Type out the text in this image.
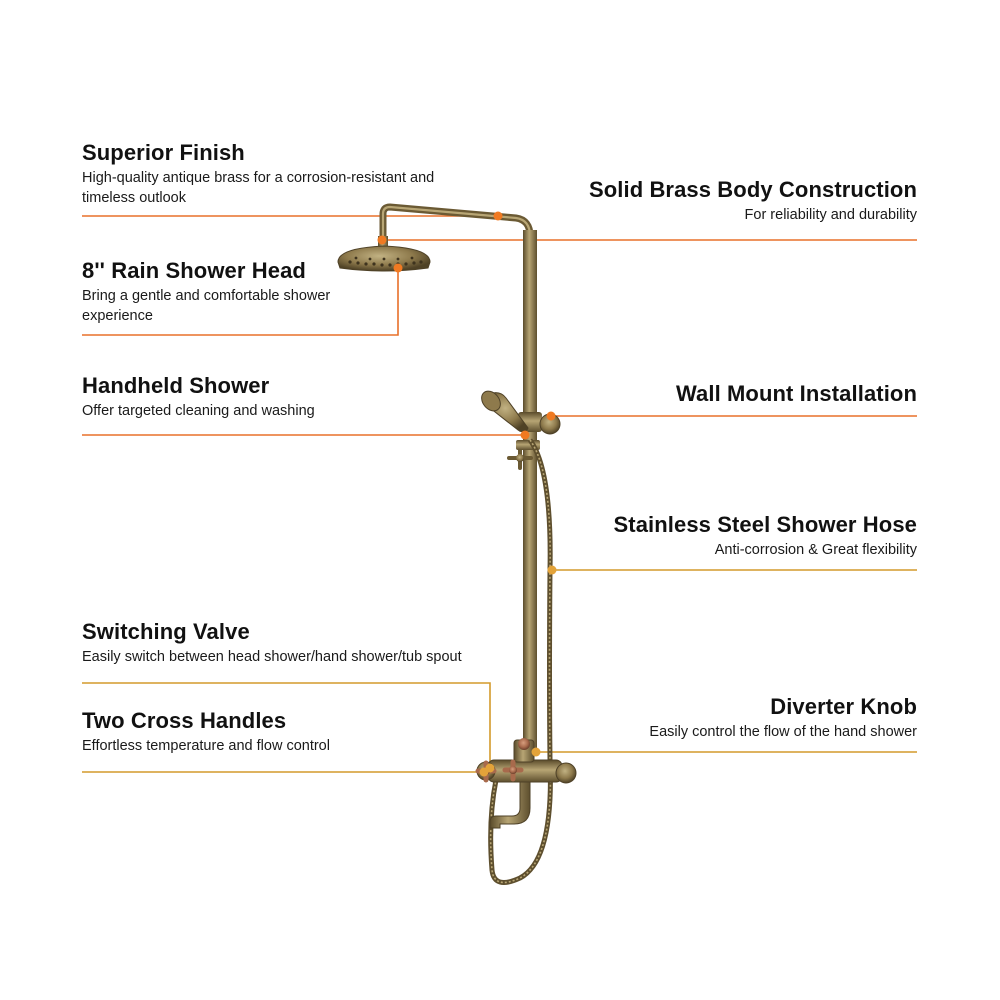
Superior Finish
High-quality antique brass for a corrosion-resistant and timeless outlook
8'' Rain Shower Head
Bring a gentle and comfortable shower experience
Handheld Shower
Offer targeted cleaning and washing
Switching Valve
Easily switch between head shower/hand shower/tub spout
Two Cross Handles
Effortless temperature and flow control
Solid Brass Body Construction
For reliability and durability
Wall Mount Installation
Stainless Steel Shower Hose
Anti-corrosion & Great flexibility
Diverter Knob
Easily control the flow of the hand shower
